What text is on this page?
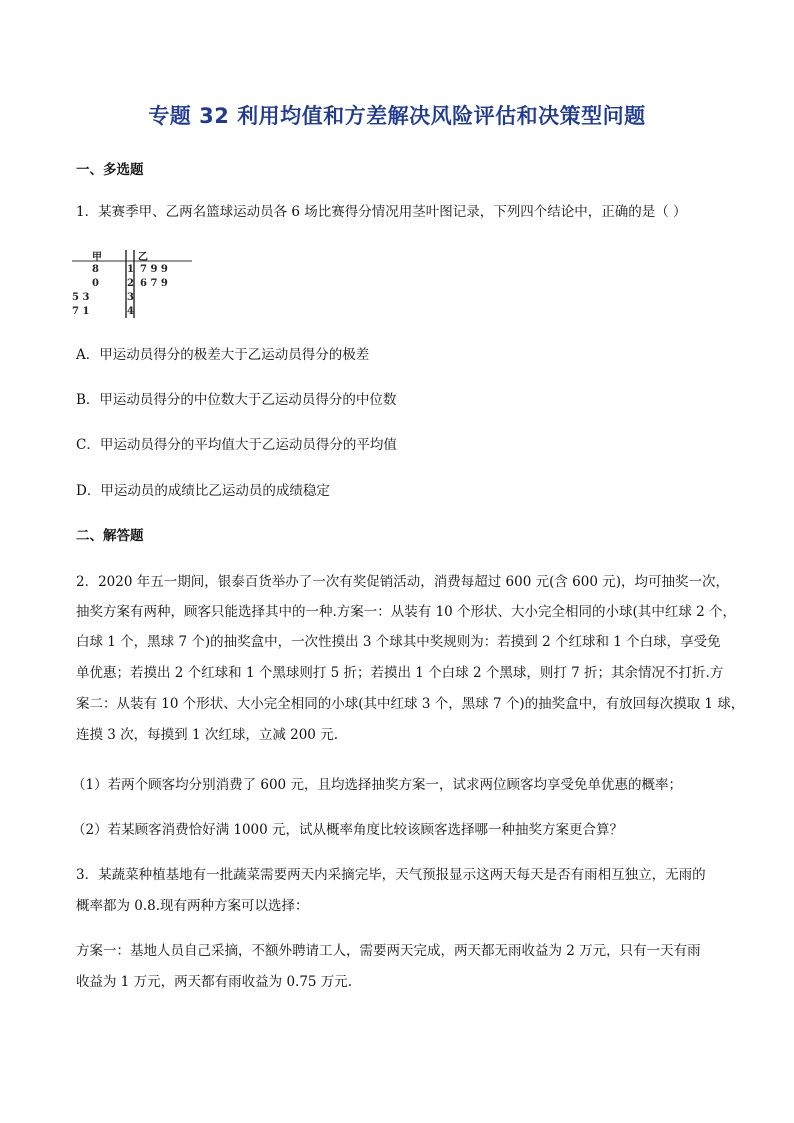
专题 32 利用均值和方差解决风险评估和决策型问题
一、多选题
1．某赛季甲、乙两名篮球运动员各 6 场比赛得分情况用茎叶图记录，下列四个结论中，正确的是（ ）
甲	乙
8	1 7 9 9
0	2 6 7 9
5 3	3
7 1	4
A．甲运动员得分的极差大于乙运动员得分的极差
B．甲运动员得分的中位数大于乙运动员得分的中位数
C．甲运动员得分的平均值大于乙运动员得分的平均值
D．甲运动员的成绩比乙运动员的成绩稳定
二、解答题
2．2020 年五一期间，银泰百货举办了一次有奖促销活动，消费每超过 600 元(含 600 元)，均可抽奖一次，
抽奖方案有两种，顾客只能选择其中的一种.方案一：从装有 10 个形状、大小完全相同的小球(其中红球 2 个，
白球 1 个，黑球 7 个)的抽奖盒中，一次性摸出 3 个球其中奖规则为：若摸到 2 个红球和 1 个白球，享受免
单优惠；若摸出 2 个红球和 1 个黑球则打 5 折；若摸出 1 个白球 2 个黑球，则打 7 折；其余情况不打折.方
案二：从装有 10 个形状、大小完全相同的小球(其中红球 3 个，黑球 7 个)的抽奖盒中，有放回每次摸取 1 球，
连摸 3 次，每摸到 1 次红球，立减 200 元.
（1）若两个顾客均分别消费了 600 元，且均选择抽奖方案一，试求两位顾客均享受免单优惠的概率；
（2）若某顾客消费恰好满 1000 元，试从概率角度比较该顾客选择哪一种抽奖方案更合算？
3．某蔬菜种植基地有一批蔬菜需要两天内采摘完毕，天气预报显示这两天每天是否有雨相互独立，无雨的
概率都为 0.8.现有两种方案可以选择：
方案一：基地人员自己采摘，不额外聘请工人，需要两天完成，两天都无雨收益为 2 万元，只有一天有雨
收益为 1 万元，两天都有雨收益为 0.75 万元.
